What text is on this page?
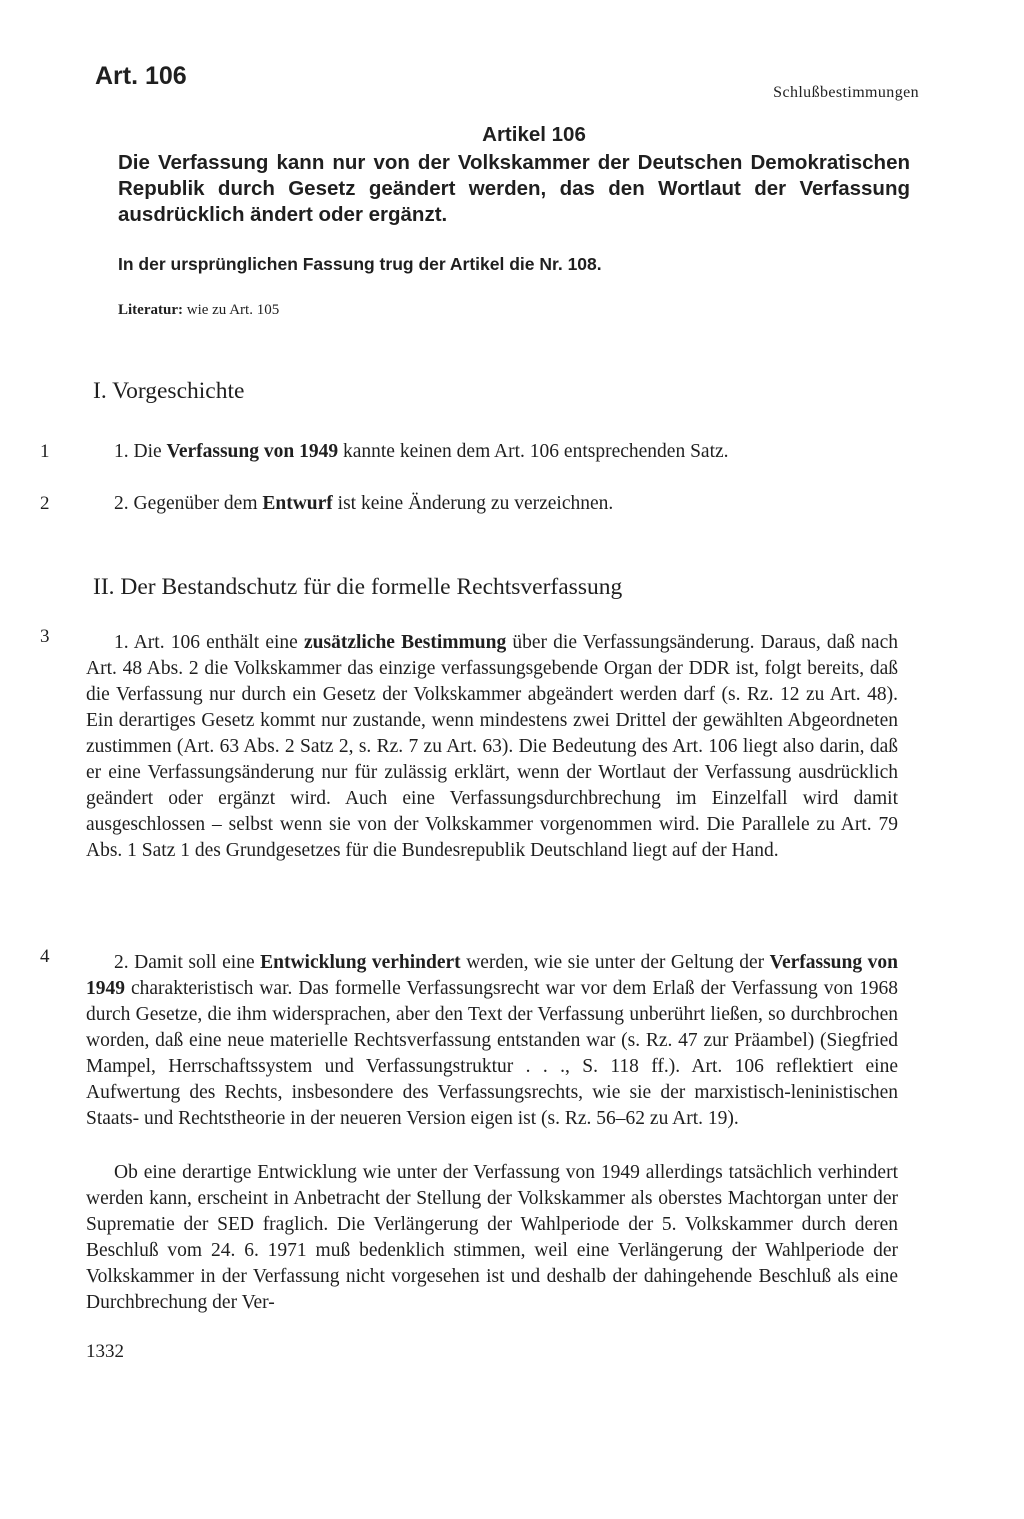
Art. 106
Schlußbestimmungen
Artikel 106
Die Verfassung kann nur von der Volkskammer der Deutschen Demokratischen Republik durch Gesetz geändert werden, das den Wortlaut der Verfassung ausdrücklich ändert oder ergänzt.
In der ursprünglichen Fassung trug der Artikel die Nr. 108.
Literatur: wie zu Art. 105
I. Vorgeschichte
1	1. Die Verfassung von 1949 kannte keinen dem Art. 106 entsprechenden Satz.
2	2. Gegenüber dem Entwurf ist keine Änderung zu verzeichnen.
II. Der Bestandschutz für die formelle Rechtsverfassung
3	1. Art. 106 enthält eine zusätzliche Bestimmung über die Verfassungsänderung. Daraus, daß nach Art. 48 Abs. 2 die Volkskammer das einzige verfassungsgebende Organ der DDR ist, folgt bereits, daß die Verfassung nur durch ein Gesetz der Volkskammer abgeändert werden darf (s. Rz. 12 zu Art. 48). Ein derartiges Gesetz kommt nur zustande, wenn mindestens zwei Drittel der gewählten Abgeordneten zustimmen (Art. 63 Abs. 2 Satz 2, s. Rz. 7 zu Art. 63). Die Bedeutung des Art. 106 liegt also darin, daß er eine Verfassungsänderung nur für zulässig erklärt, wenn der Wortlaut der Verfassung ausdrücklich geändert oder ergänzt wird. Auch eine Verfassungsdurchbrechung im Einzelfall wird damit ausgeschlossen – selbst wenn sie von der Volkskammer vorgenommen wird. Die Parallele zu Art. 79 Abs. 1 Satz 1 des Grundgesetzes für die Bundesrepublik Deutschland liegt auf der Hand.

4	2. Damit soll eine Entwicklung verhindert werden, wie sie unter der Geltung der Verfassung von 1949 charakteristisch war. Das formelle Verfassungsrecht war vor dem Erlaß der Verfassung von 1968 durch Gesetze, die ihm widersprachen, aber den Text der Verfassung unberührt ließen, so durchbrochen worden, daß eine neue materielle Rechtsverfassung entstanden war (s. Rz. 47 zur Präambel) (Siegfried Mampel, Herrschaftssystem und Verfassungstruktur . . ., S. 118 ff.). Art. 106 reflektiert eine Aufwertung des Rechts, insbesondere des Verfassungsrechts, wie sie der marxistisch-leninistischen Staats- und Rechtstheorie in der neueren Version eigen ist (s. Rz. 56–62 zu Art. 19).

Ob eine derartige Entwicklung wie unter der Verfassung von 1949 allerdings tatsächlich verhindert werden kann, erscheint in Anbetracht der Stellung der Volkskammer als oberstes Machtorgan unter der Suprematie der SED fraglich. Die Verlängerung der Wahlperiode der 5. Volkskammer durch deren Beschluß vom 24. 6. 1971 muß bedenklich stimmen, weil eine Verlängerung der Wahlperiode der Volkskammer in der Verfassung nicht vorgesehen ist und deshalb der dahingehende Beschluß als eine Durchbrechung der Ver-

1332
